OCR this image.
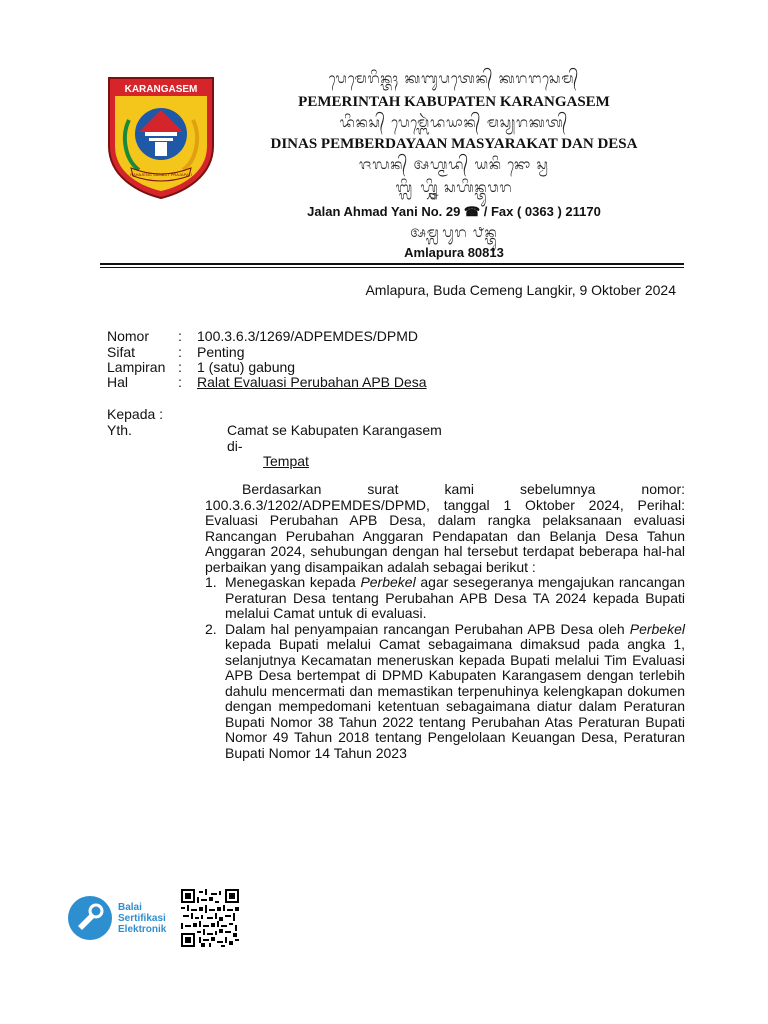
KARANGASEM
RAHAJENG SAMBUT PRAJAPATI
ᬧᬾᬫᬾᬭᬶᬦ᭄ᬢᬄ ᬓᬩᬸᬧᬢᬾᬦ᭄ ᬓᬭᬗᬲᬾᬫ᭄
PEMERINTAH KABUPATEN KARANGASEM
ᬤᬶᬦᬲ᭄ ᬧᬾᬫ᭄ᬩᬾᬃᬤᬬᬵᬦ᭄ ᬫᬲ᭄ᬬᬭᬓᬢ᭄
DINAS PEMBERDAYAAN MASYARAKAT DAN DESA
ᬚᬮᬦ᭄ ᬅᬳ᭄ᬫᬤ᭄ ᬬᬦᬶ ᬦᭀ ᬲ᭄ᬯ
ᬩ᭄ᬮᬶ ᬳ᭄ᬦ᭄ᬘᬶ ᬲᬳᬶᬦ᭄ᬢᬸᬯᬭ
Jalan Ahmad Yani No. 29 ☎ / Fax ( 0363 ) 21170
ᬅᬫ᭄ᬮᬧᬸᬭ ᬨᬦ᭄ᬢᬸ
Amlapura 80813
Amlapura, Buda Cemeng Langkir, 9 Oktober 2024
Nomor : 100.3.6.3/1269/ADPEMDES/DPMD
Sifat	: Penting
Lampiran : 1 (satu) gabung
Hal	: Ralat Evaluasi Perubahan APB Desa
Kepada :
Yth.	Camat se Kabupaten Karangasem
di-
Tempat

Berdasarkan surat kami sebelumnya nomor: 100.3.6.3/1202/ADPEMDES/DPMD, tanggal 1 Oktober 2024, Perihal: Evaluasi Perubahan APB Desa, dalam rangka pelaksanaan evaluasi Rancangan Perubahan Anggaran Pendapatan dan Belanja Desa Tahun Anggaran 2024, sehubungan dengan hal tersebut terdapat beberapa hal-hal perbaikan yang disampaikan adalah sebagai berikut :

1. Menegaskan kepada Perbekel agar sesegeranya mengajukan rancangan Peraturan Desa tentang Perubahan APB Desa TA 2024 kepada Bupati melalui Camat untuk di evaluasi.
2. Dalam hal penyampaian rancangan Perubahan APB Desa oleh Perbekel kepada Bupati melalui Camat sebagaimana dimaksud pada angka 1, selanjutnya Kecamatan meneruskan kepada Bupati melalui Tim Evaluasi APB Desa bertempat di DPMD Kabupaten Karangasem dengan terlebih dahulu mencermati dan memastikan terpenuhinya kelengkapan dokumen dengan mempedomani ketentuan sebagaimana diatur dalam Peraturan Bupati Nomor 38 Tahun 2022 tentang Perubahan Atas Peraturan Bupati Nomor 49 Tahun 2018 tentang Pengelolaan Keuangan Desa, Peraturan Bupati Nomor 14 Tahun 2023
Balai
Sertifikasi
Elektronik
